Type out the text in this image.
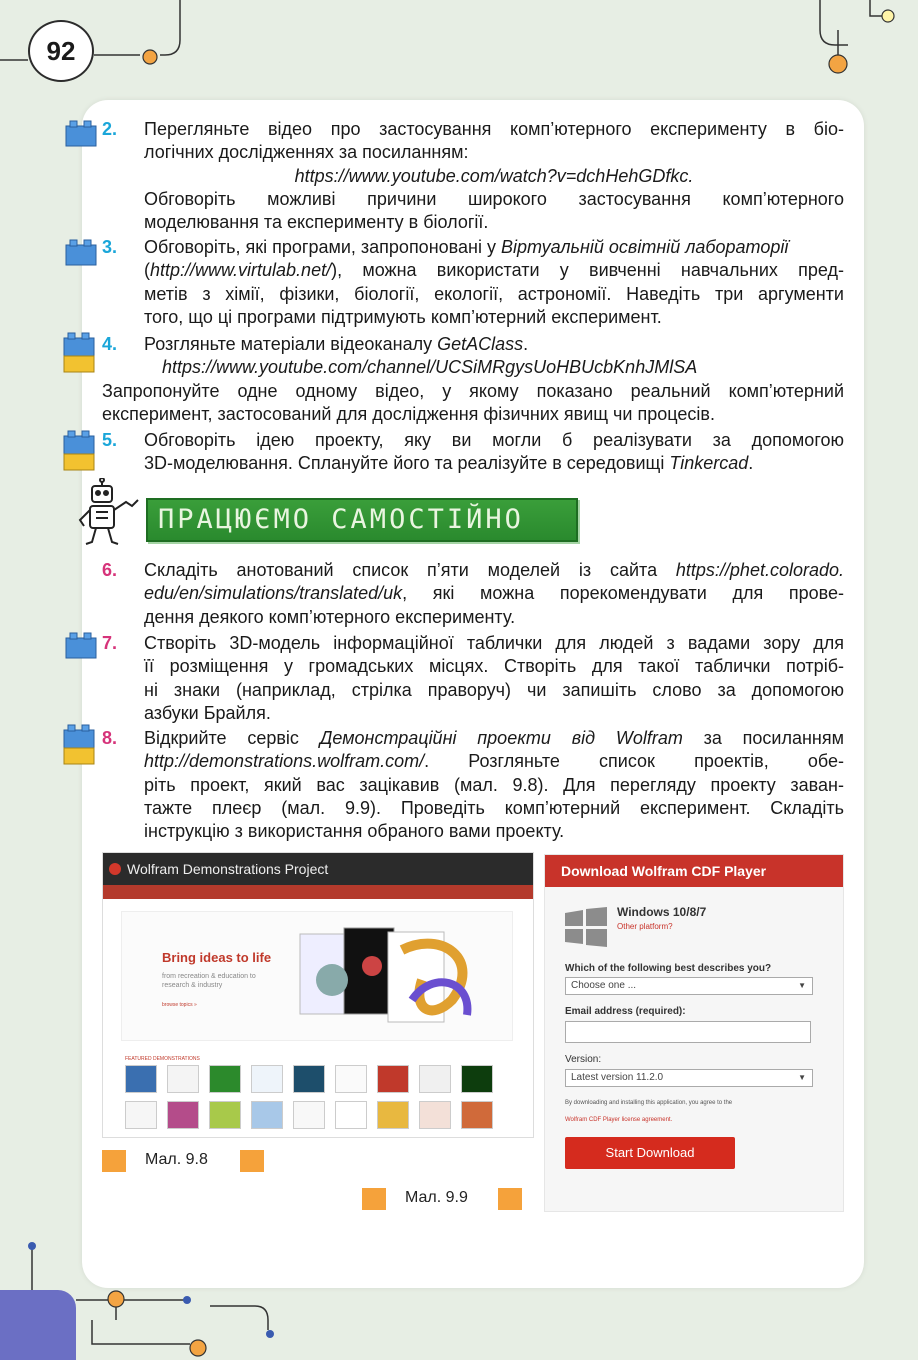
92
2. Перегляньте відео про застосування комп’ютерного експерименту в біо-
логічних дослідженнях за посиланням:
https://www.youtube.com/watch?v=dchHehGDfkc.
Обговоріть можливі причини широкого застосування комп’ютерного
моделювання та експерименту в біології.
3. Обговоріть, які програми, запропоновані у Віртуальній освітній лабораторії
(http://www.virtulab.net/), можна використати у вивченні навчальних пред-
метів з хімії, фізики, біології, екології, астрономії. Наведіть три аргументи
того, що ці програми підтримують комп’ютерний експеримент.
4. Розгляньте матеріали відеоканалу GetAClass.
https://www.youtube.com/channel/UCSiMRgysUoHBUcbKnhJMlSA
Запропонуйте одне одному відео, у якому показано реальний комп’ютерний
експеримент, застосований для дослідження фізичних явищ чи процесів.
5. Обговоріть ідею проекту, яку ви могли б реалізувати за допомогою
3D-моделювання. Сплануйте його та реалізуйте в середовищі Tinkercad.
ПРАЦЮЄМО САМОСТІЙНО
6. Складіть анотований список п’яти моделей із сайта https://phet.colorado.
edu/en/simulations/translated/uk, які можна порекомендувати для прове-
дення деякого комп’ютерного експерименту.
7. Створіть 3D-модель інформаційної таблички для людей з вадами зору для
її розміщення у громадських місцях. Створіть для такої таблички потріб-
ні знаки (наприклад, стрілка праворуч) чи запишіть слово за допомогою
азбуки Брайля.
8. Відкрийте сервіс Демонстраційні проекти від Wolfram за посиланням
http://demonstrations.wolfram.com/. Розгляньте список проектів, обе-
ріть проект, який вас зацікавив (мал. 9.8). Для перегляду проекту заван-
тажте плеєр (мал. 9.9). Проведіть комп’ютерний експеримент. Складіть
інструкцію з використання обраного вами проекту.
Wolfram Demonstrations Project
Bring ideas to life
from recreation & education to research & industry
browse topics »
FEATURED DEMONSTRATIONS
Мал. 9.8
Download Wolfram CDF Player
Windows 10/8/7
Other platform?
Which of the following best describes you?
Choose one ...	▼
Email address (required):
Version:
Latest version 11.2.0	▼
By downloading and installing this application, you agree to the
Wolfram CDF Player license agreement.
Start Download
Мал. 9.9
